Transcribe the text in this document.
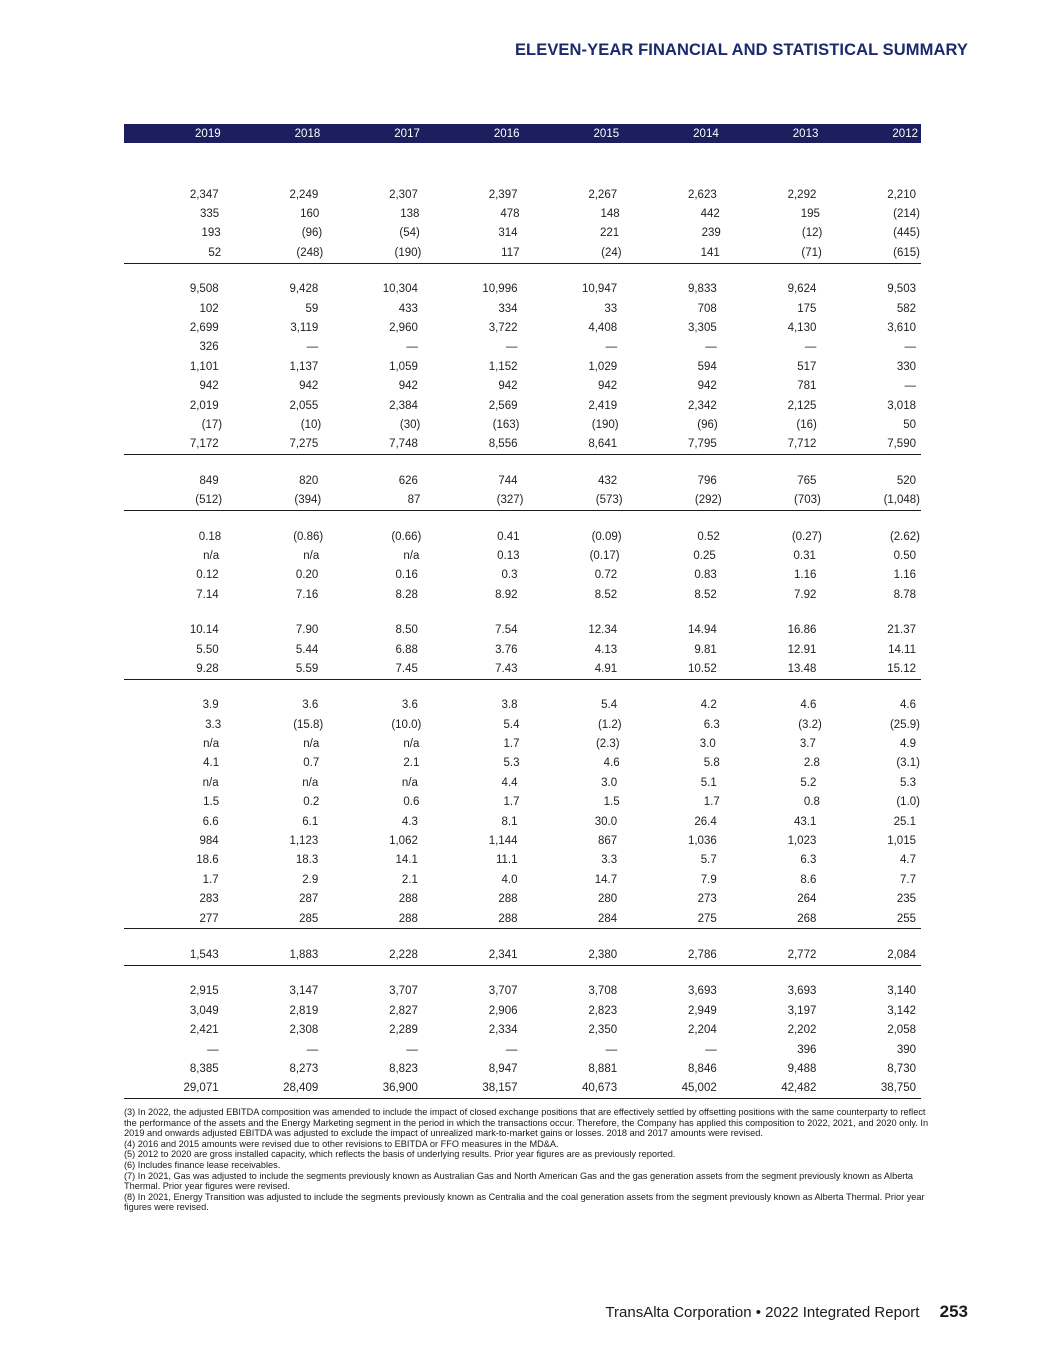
ELEVEN-YEAR FINANCIAL AND STATISTICAL SUMMARY
2019	2018	2017	2016	2015	2014	2013	2012
2,347	2,249	2,307	2,397	2,267	2,623	2,292	2,210
335	160	138	478	148	442	195	(214)
193	(96)	(54)	314	221	239	(12)	(445)
52	(248)	(190)	117	(24)	141	(71)	(615)
9,508	9,428	10,304	10,996	10,947	9,833	9,624	9,503
102	59	433	334	33	708	175	582
2,699	3,119	2,960	3,722	4,408	3,305	4,130	3,610
326	—	—	—	—	—	—	—
1,101	1,137	1,059	1,152	1,029	594	517	330
942	942	942	942	942	942	781	—
2,019	2,055	2,384	2,569	2,419	2,342	2,125	3,018
(17)	(10)	(30)	(163)	(190)	(96)	(16)	50
7,172	7,275	7,748	8,556	8,641	7,795	7,712	7,590
849	820	626	744	432	796	765	520
(512)	(394)	87	(327)	(573)	(292)	(703)	(1,048)
0.18	(0.86)	(0.66)	0.41	(0.09)	0.52	(0.27)	(2.62)
n/a	n/a	n/a	0.13	(0.17)	0.25	0.31	0.50
0.12	0.20	0.16	0.3	0.72	0.83	1.16	1.16
7.14	7.16	8.28	8.92	8.52	8.52	7.92	8.78
10.14	7.90	8.50	7.54	12.34	14.94	16.86	21.37
5.50	5.44	6.88	3.76	4.13	9.81	12.91	14.11
9.28	5.59	7.45	7.43	4.91	10.52	13.48	15.12
3.9	3.6	3.6	3.8	5.4	4.2	4.6	4.6
3.3	(15.8)	(10.0)	5.4	(1.2)	6.3	(3.2)	(25.9)
n/a	n/a	n/a	1.7	(2.3)	3.0	3.7	4.9
4.1	0.7	2.1	5.3	4.6	5.8	2.8	(3.1)
n/a	n/a	n/a	4.4	3.0	5.1	5.2	5.3
1.5	0.2	0.6	1.7	1.5	1.7	0.8	(1.0)
6.6	6.1	4.3	8.1	30.0	26.4	43.1	25.1
984	1,123	1,062	1,144	867	1,036	1,023	1,015
18.6	18.3	14.1	11.1	3.3	5.7	6.3	4.7
1.7	2.9	2.1	4.0	14.7	7.9	8.6	7.7
283	287	288	288	280	273	264	235
277	285	288	288	284	275	268	255
1,543	1,883	2,228	2,341	2,380	2,786	2,772	2,084
2,915	3,147	3,707	3,707	3,708	3,693	3,693	3,140
3,049	2,819	2,827	2,906	2,823	2,949	3,197	3,142
2,421	2,308	2,289	2,334	2,350	2,204	2,202	2,058
—	—	—	—	—	—	396	390
8,385	8,273	8,823	8,947	8,881	8,846	9,488	8,730
29,071	28,409	36,900	38,157	40,673	45,002	42,482	38,750

(3) In 2022, the adjusted EBITDA composition was amended to include the impact of closed exchange positions that are effectively settled by offsetting positions with the same counterparty to reflect the performance of the assets and the Energy Marketing segment in the period in which the transactions occur. Therefore, the Company has applied this composition to 2022, 2021, and 2020 only. In 2019 and onwards adjusted EBITDA was adjusted to exclude the impact of unrealized mark-to-market gains or losses. 2018 and 2017 amounts were revised.

(4) 2016 and 2015 amounts were revised due to other revisions to EBITDA or FFO measures in the MD&A.

(5) 2012 to 2020 are gross installed capacity, which reflects the basis of underlying results. Prior year figures are as previously reported.

(6) Includes finance lease receivables.

(7) In 2021, Gas was adjusted to include the segments previously known as Australian Gas and North American Gas and the gas generation assets from the segment previously known as Alberta Thermal. Prior year figures were revised.

(8) In 2021, Energy Transition was adjusted to include the segments previously known as Centralia and the coal generation assets from the segment previously known as Alberta Thermal. Prior year figures were revised.

TransAlta Corporation • 2022 Integrated Report 253
